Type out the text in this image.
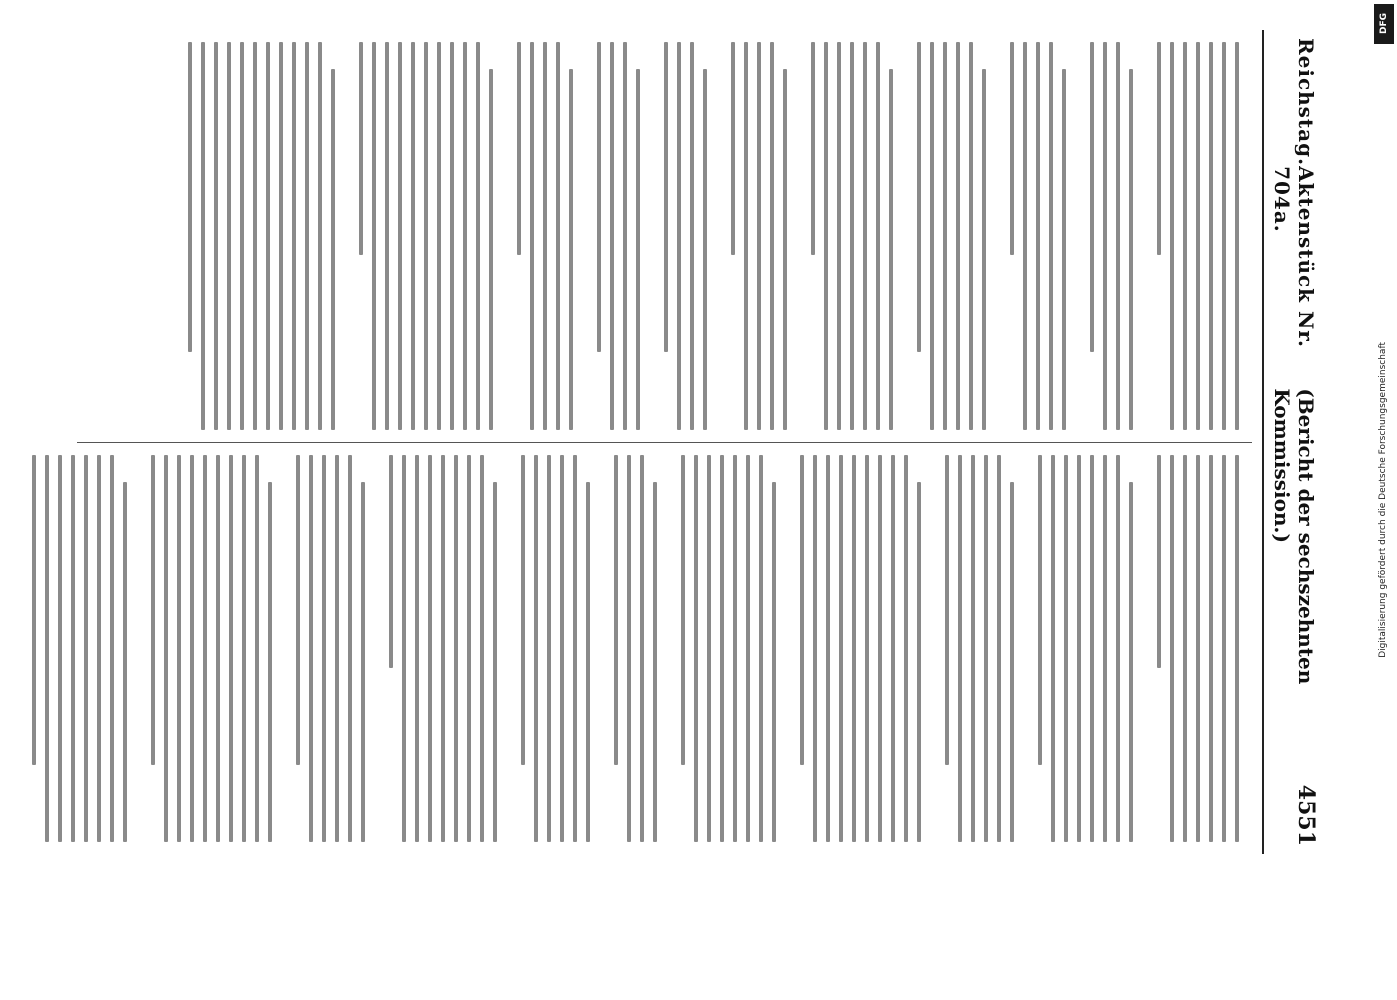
Reichstag.
Aktenstück Nr. 704a.
(Bericht der sechszehnten Kommission.)
4551
DFG
Digitalisierung gefördert durch die Deutsche Forschungsgemeinschaft
